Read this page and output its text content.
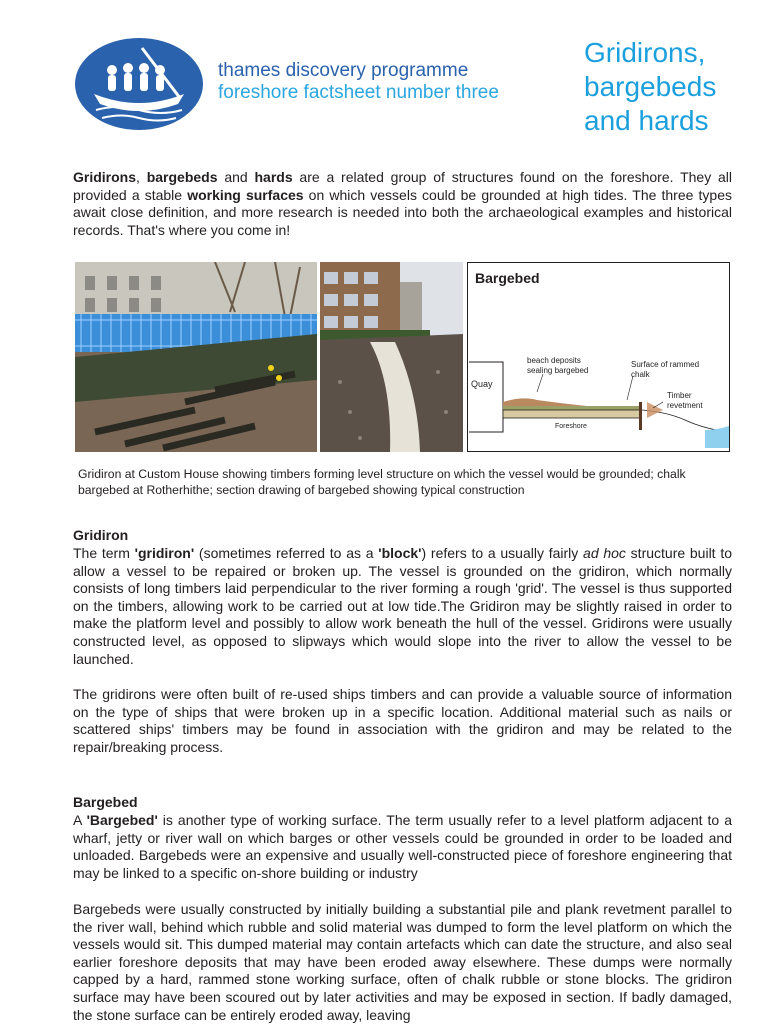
thames discovery programme
foreshore factsheet number three
Gridirons,
bargebeds
and hards
Gridirons, bargebeds and hards are a related group of structures found on the foreshore. They all provided a stable working surfaces on which vessels could be grounded at high tides. The three types await close definition, and more research is needed into both the archaeological examples and historical records. That's where you come in!
Bargebed
Quay
beach deposits
sealing bargebed
Surface of rammed
chalk
Timber
revetment
Foreshore
Gridiron at Custom House showing timbers forming level structure on which the vessel would be grounded; chalk bargebed at Rotherhithe; section drawing of bargebed showing typical construction
Gridiron
The term 'gridiron' (sometimes referred to as a 'block') refers to a usually fairly ad hoc structure built to allow a vessel to be repaired or broken up. The vessel is grounded on the gridiron, which normally consists of long timbers laid perpendicular to the river forming a rough 'grid'. The vessel is thus supported on the timbers, allowing work to be carried out at low tide.The Gridiron may be slightly raised in order to make the platform level and possibly to allow work beneath the hull of the vessel. Gridirons were usually constructed level, as opposed to slipways which would slope into the river to allow the vessel to be launched.
The gridirons were often built of re-used ships timbers and can provide a valuable source of information on the type of ships that were broken up in a specific location. Additional material such as nails or scattered ships' timbers may be found in association with the gridiron and may be related to the repair/breaking process.
Bargebed
A 'Bargebed' is another type of working surface. The term usually refer to a level platform adjacent to a wharf, jetty or river wall on which barges or other vessels could be grounded in order to be loaded and unloaded. Bargebeds were an expensive and usually well-constructed piece of foreshore engineering that may be linked to a specific on-shore building or industry
Bargebeds were usually constructed by initially building a substantial pile and plank revetment parallel to the river wall, behind which rubble and solid material was dumped to form the level platform on which the vessels would sit. This dumped material may contain artefacts which can date the structure, and also seal earlier foreshore deposits that may have been eroded away elsewhere. These dumps were normally capped by a hard, rammed stone working surface, often of chalk rubble or stone blocks. The gridiron surface may have been scoured out by later activities and may be exposed in section. If badly damaged, the stone surface can be entirely eroded away, leaving
